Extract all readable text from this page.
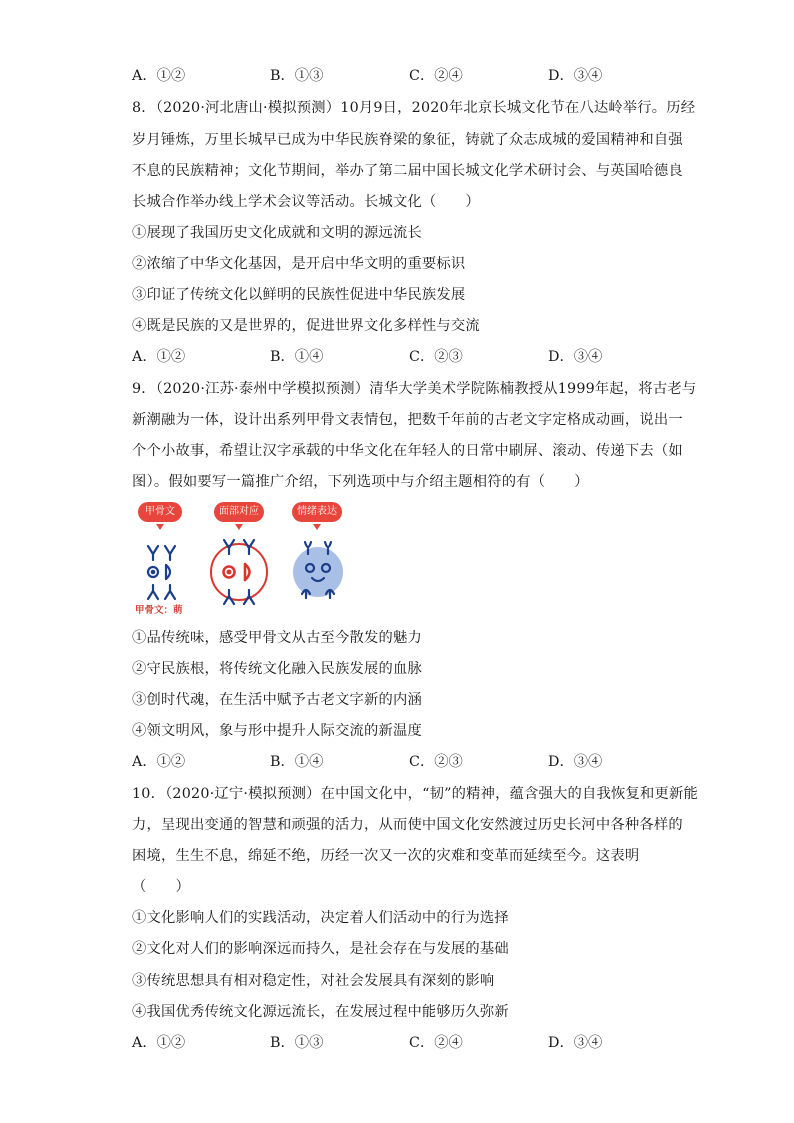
A．①②	B．①③	C．②④	D．③④
8．（2020·河北唐山·模拟预测）10月9日，2020年北京长城文化节在八达岭举行。历经
岁月锤炼，万里长城早已成为中华民族脊梁的象征，铸就了众志成城的爱国精神和自强
不息的民族精神；文化节期间，举办了第二届中国长城文化学术研讨会、与英国哈德良
长城合作举办线上学术会议等活动。长城文化（　　）
①展现了我国历史文化成就和文明的源远流长
②浓缩了中华文化基因，是开启中华文明的重要标识
③印证了传统文化以鲜明的民族性促进中华民族发展
④既是民族的又是世界的，促进世界文化多样性与交流
A．①②	B．①④	C．②③	D．③④
9．（2020·江苏·泰州中学模拟预测）清华大学美术学院陈楠教授从1999年起，将古老与
新潮融为一体，设计出系列甲骨文表情包，把数千年前的古老文字定格成动画，说出一
个个小故事，希望让汉字承载的中华文化在年轻人的日常中刷屏、滚动、传递下去（如
图）。假如要写一篇推广介绍，下列选项中与介绍主题相符的有（　　）
甲骨文	面部对应	情绪表达
甲骨文：萌
①品传统味，感受甲骨文从古至今散发的魅力
②守民族根，将传统文化融入民族发展的血脉
③创时代魂，在生活中赋予古老文字新的内涵
④领文明风，象与形中提升人际交流的新温度
A．①②	B．①④	C．②③	D．③④
10．（2020·辽宁·模拟预测）在中国文化中，“韧”的精神，蕴含强大的自我恢复和更新能
力，呈现出变通的智慧和顽强的活力，从而使中国文化安然渡过历史长河中各种各样的
困境，生生不息，绵延不绝，历经一次又一次的灾难和变革而延续至今。这表明
（　　）
①文化影响人们的实践活动，决定着人们活动中的行为选择
②文化对人们的影响深远而持久，是社会存在与发展的基础
③传统思想具有相对稳定性，对社会发展具有深刻的影响
④我国优秀传统文化源远流长，在发展过程中能够历久弥新
A．①②	B．①③	C．②④	D．③④
